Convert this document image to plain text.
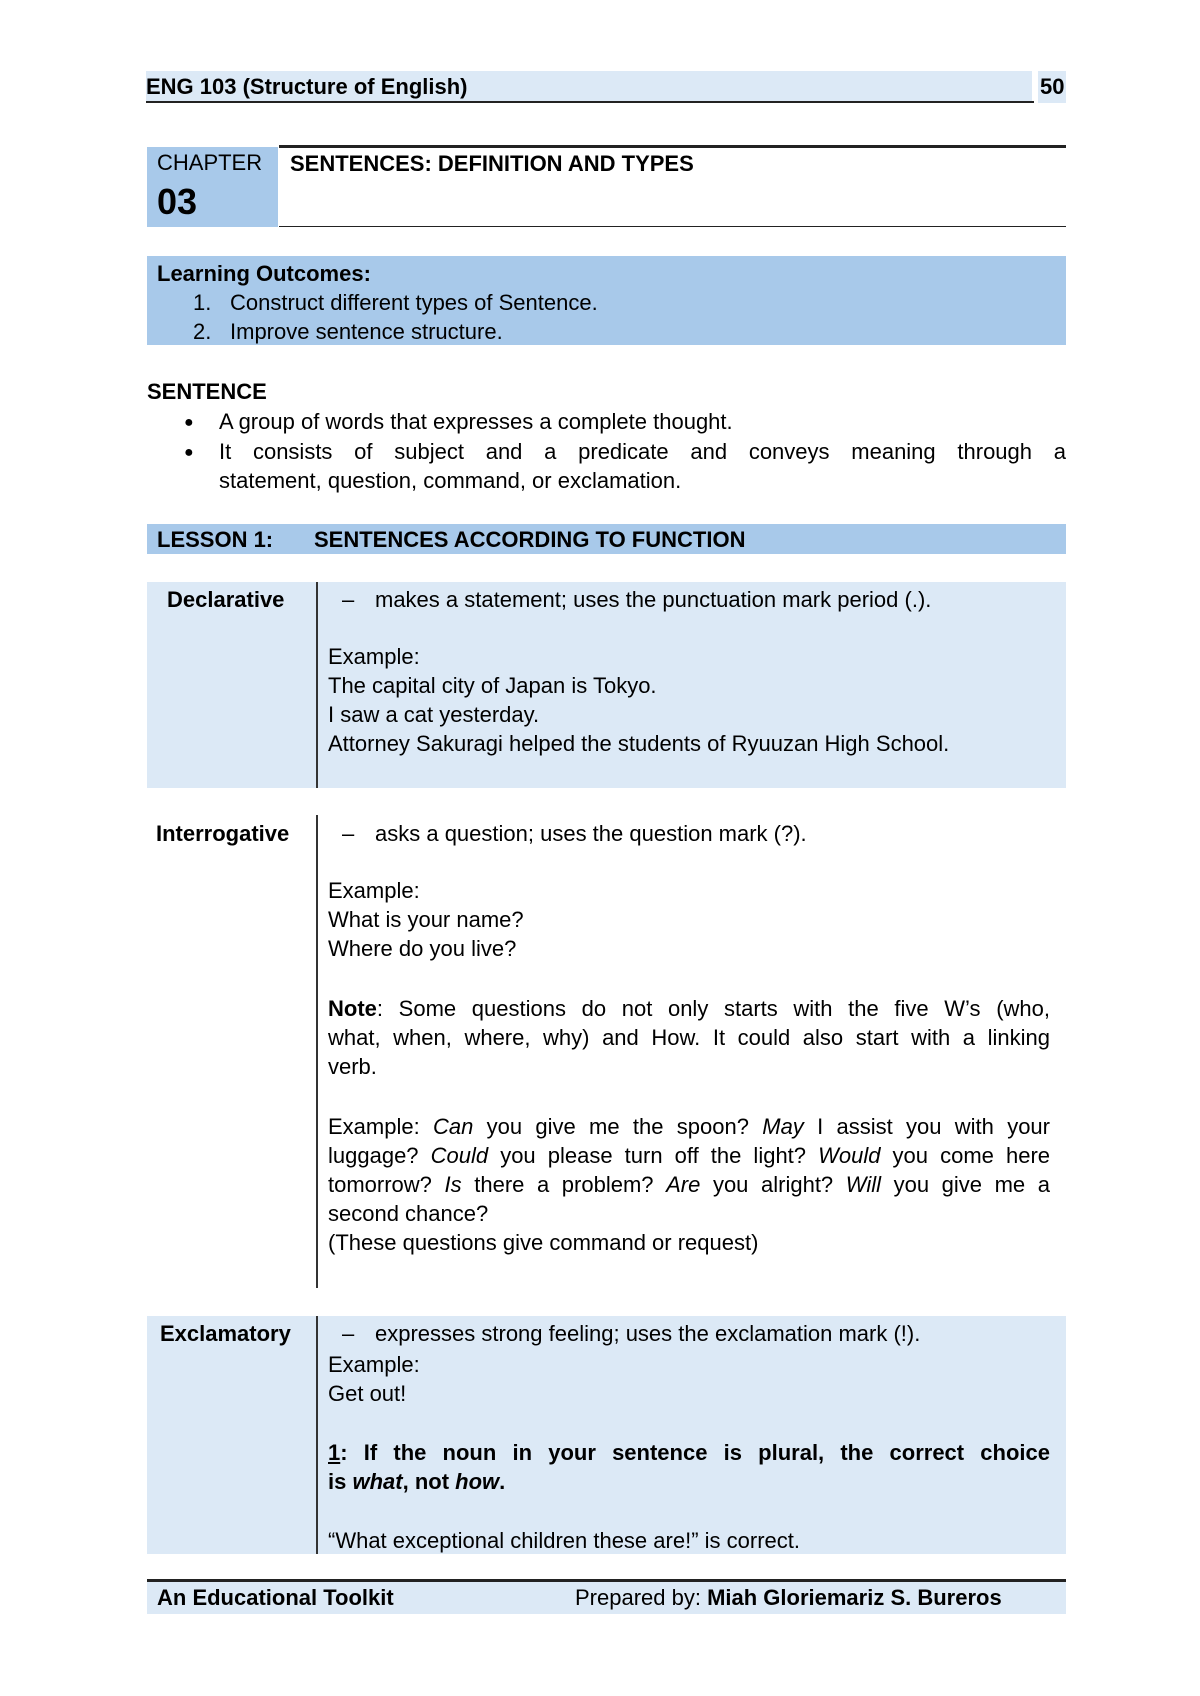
ENG 103 (Structure of English)	50
CHAPTER
03
SENTENCES: DEFINITION AND TYPES
Learning Outcomes:
1. Construct different types of Sentence.
2. Improve sentence structure.
SENTENCE
● A group of words that expresses a complete thought.
● It consists of subject and a predicate and conveys meaning through a
statement, question, command, or exclamation.
LESSON 1: SENTENCES ACCORDING TO FUNCTION
Declarative	– makes a statement; uses the punctuation mark period (.).
Example:
The capital city of Japan is Tokyo.
I saw a cat yesterday.
Attorney Sakuragi helped the students of Ryuuzan High School.
Interrogative – asks a question; uses the question mark (?).
Example:
What is your name?
Where do you live?
Note: Some questions do not only starts with the five W’s (who,
what, when, where, why) and How. It could also start with a linking
verb.
Example: Can you give me the spoon? May I assist you with your
luggage? Could you please turn off the light? Would you come here
tomorrow? Is there a problem? Are you alright? Will you give me a
second chance?
(These questions give command or request)
Exclamatory – expresses strong feeling; uses the exclamation mark (!).
Example:
Get out!
1: If the noun in your sentence is plural, the correct choice
is what, not how.
“What exceptional children these are!” is correct.
An Educational Toolkit	Prepared by: Miah Gloriemariz S. Bureros
